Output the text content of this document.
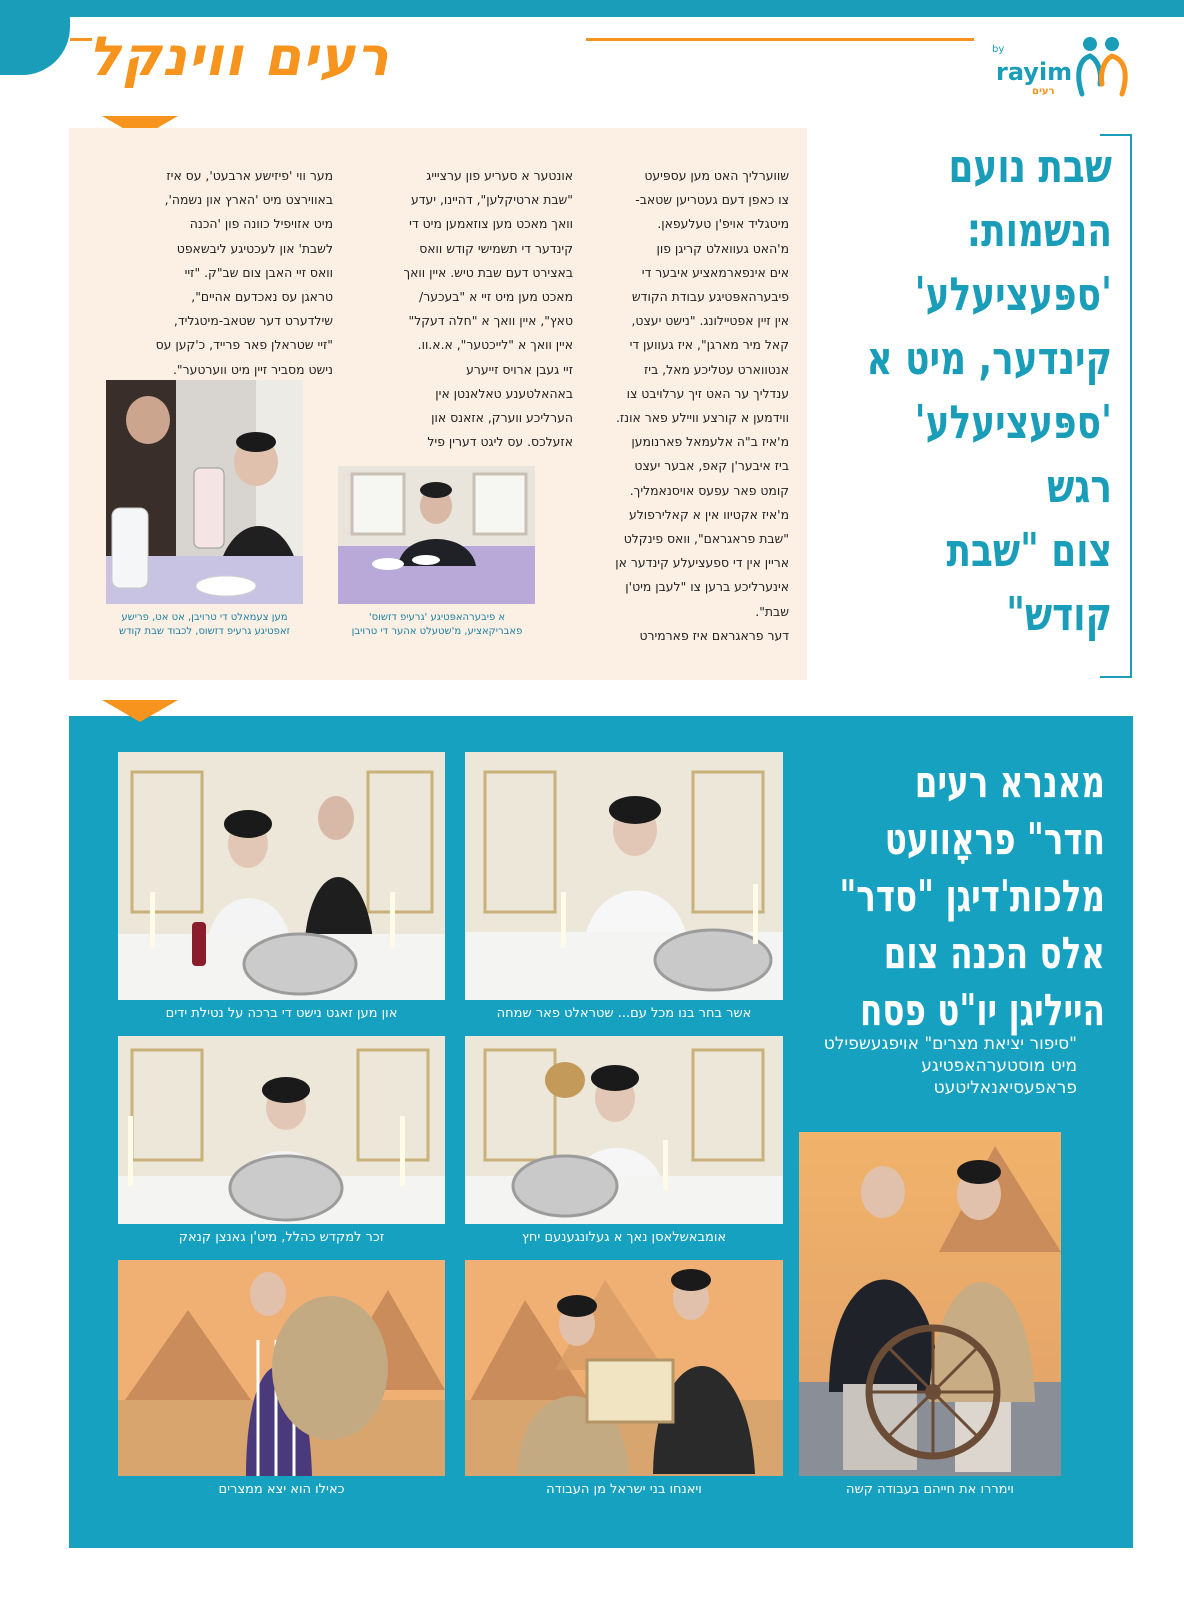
רעים ווינקל	by
rayim
רעים
שווערליך האט מען עספּיעט
צו כאפן דעם געטריען שטאב-
מיטגליד אויפ'ן טעלעפאן.
מ'האט געוואלט קריגן פון
אים אינפארמאציע איבער די
פיבערהאפּטיגע עבודת הקודש
אין זיין אפטיילונג. "נישט יעצט,
קאל מיר מארגן", איז געווען די
אנטווארט עטליכע מאל, ביז
ענדליך ער האט זיך ערלויבט צו
ווידמען א קורצע וויילע פאר אונז.
מ'איז ב"ה אלעמאל פארנומען
ביז איבער'ן קאפ, אבער יעצט
קומט פאר עפעס אויסנאמליך.
מ'איז אקטיוו אין א קאלירפולע
"שבת פראגראם", וואס פינקלט
אריין אין די ספעציעלע קינדער אן
אינערליכע ברען צו "לעבן מיט'ן
שבת".
דער פראגראם איז פארמירט
אונטער א סעריע פון ערציייג
"שבת ארטיקלען", דהיינו, יעדע
וואך מאכט מען צוזאמען מיט די
קינדער די תשמישי קודש וואס
באצירט דעם שבת טיש. איין וואך
מאכט מען מיט זיי א "בעכער/
טאץ", איין וואך א "חלה דעקל"
איין וואך א "לייכטער", א.א.וו.
זיי געבן ארויס זייערע
באהאלטענע טאלאנטן אין
הערליכע ווערק, אזאנס און
אזעלכס. עס ליגט דערין פיל
מער ווי 'פיזישע ארבעט', עס איז
באווירצט מיט 'הארץ און נשמה',
מיט אזויפיל כוונה פון 'הכנה
לשבת' און לעכטיגע ליבשאפט
וואס זיי האבן צום שב"ק. "זיי
טראגן עס נאכדעם אהיים",
שילדערט דער שטאב-מיטגליד,
"זיי שטראלן פאר פרייד, כ'קען עס
נישט מסביר זיין מיט ווערטער".
א פיבערהאפּטיגע 'גרעיפ דזשוס'
פאבריקאציע, מ'שטעלט אהער די טרויבן
מען צעמאלט די טרויבן, אט אט, פרישע
זאפטיגע גרעיפ דזשוס, לכבוד שבת קודש
שבת נועם
הנשמות:
'ספּעציעלע'
קינדער, מיט א
'ספּעציעלע' רגש
צום "שבת קודש"
מאנרא רעים
חדר" פראָוועט
מלכות'דיגן "סדר"
אלס הכנה צום
הייליגן יו"ט פסח
"סיפור יציאת מצרים" אויפגעשפילט
מיט מוסטערהאפטיגע
פראפעסיאנאליטעט
אשר בחר בנו מכל עם... שטראלט פאר שמחה
און מען זאגט נישט די ברכה על נטילת ידים
אומבאשלאסן נאך א געלונגענעם יחץ
זכר למקדש כהלל, מיט'ן גאנצן קנאק
וימררו את חייהם בעבודה קשה
ויאנחו בני ישראל מן העבודה
כאילו הוא יצא ממצרים
